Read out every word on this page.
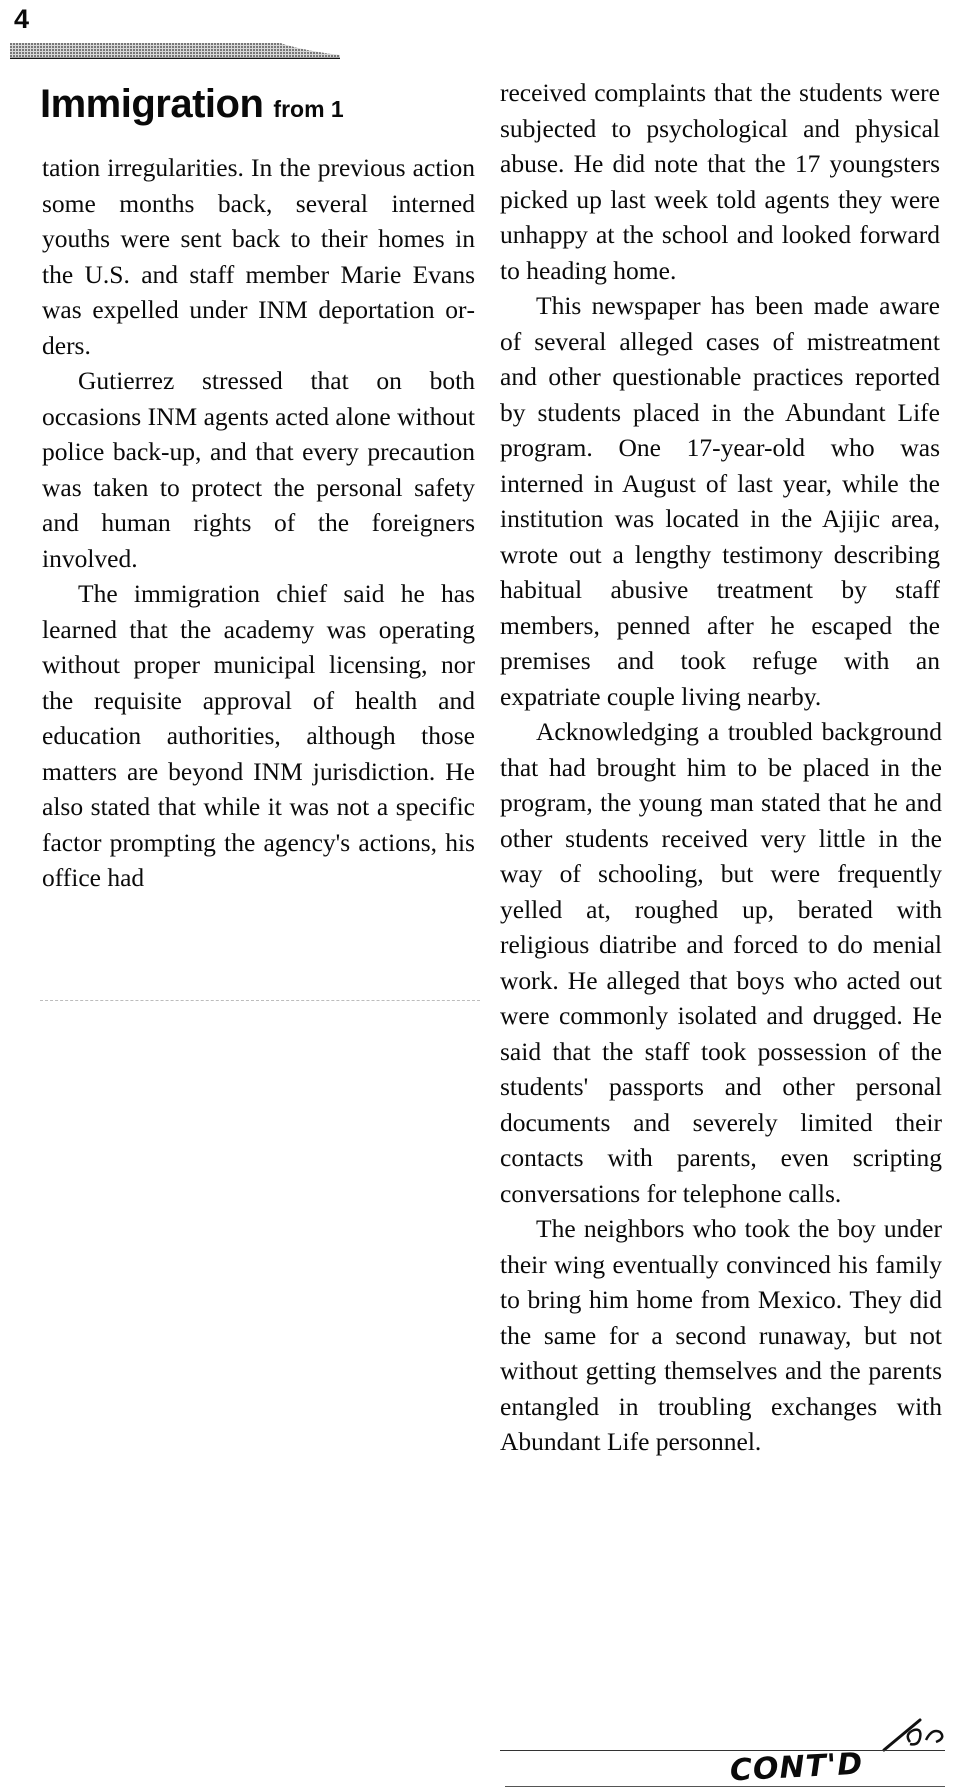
4
Immigration from 1

tation irregularities. In the previous action some months back, several interned youths were sent back to their homes in the U.S. and staff member Marie Evans was expelled under INM deportation orders.

Gutierrez stressed that on both occasions INM agents acted alone without police back-up, and that every precaution was taken to protect the personal safety and human rights of the foreigners involved.

The immigration chief said he has learned that the academy was operating without proper municipal licensing, nor the requisite approval of health and education authorities, although those matters are beyond INM jurisdiction. He also stated that while it was not a specific factor prompting the agency's actions, his office had

received complaints that the students were subjected to psychological and physical abuse. He did note that the 17 youngsters picked up last week told agents they were unhappy at the school and looked forward to heading home.

This newspaper has been made aware of several alleged cases of mistreatment and other questionable practices reported by students placed in the Abundant Life program. One 17-year-old who was interned in August of last year, while the institution was located in the Ajijic area, wrote out a lengthy testimony describing habitual abusive treatment by staff members, penned after he escaped the premises and took refuge with an expatriate couple living nearby.

Acknowledging a troubled background that had brought him to be placed in the program, the young man stated that he and other students received very little in the way of schooling, but were frequently yelled at, roughed up, berated with religious diatribe and forced to do menial work. He alleged that boys who acted out were commonly isolated and drugged. He said that the staff took possession of the students' passports and other personal documents and severely limited their contacts with parents, even scripting conversations for telephone calls.

The neighbors who took the boy under their wing eventually convinced his family to bring him home from Mexico. They did the same for a second runaway, but not without getting themselves and the parents entangled in troubling exchanges with Abundant Life personnel.

CONT'D
